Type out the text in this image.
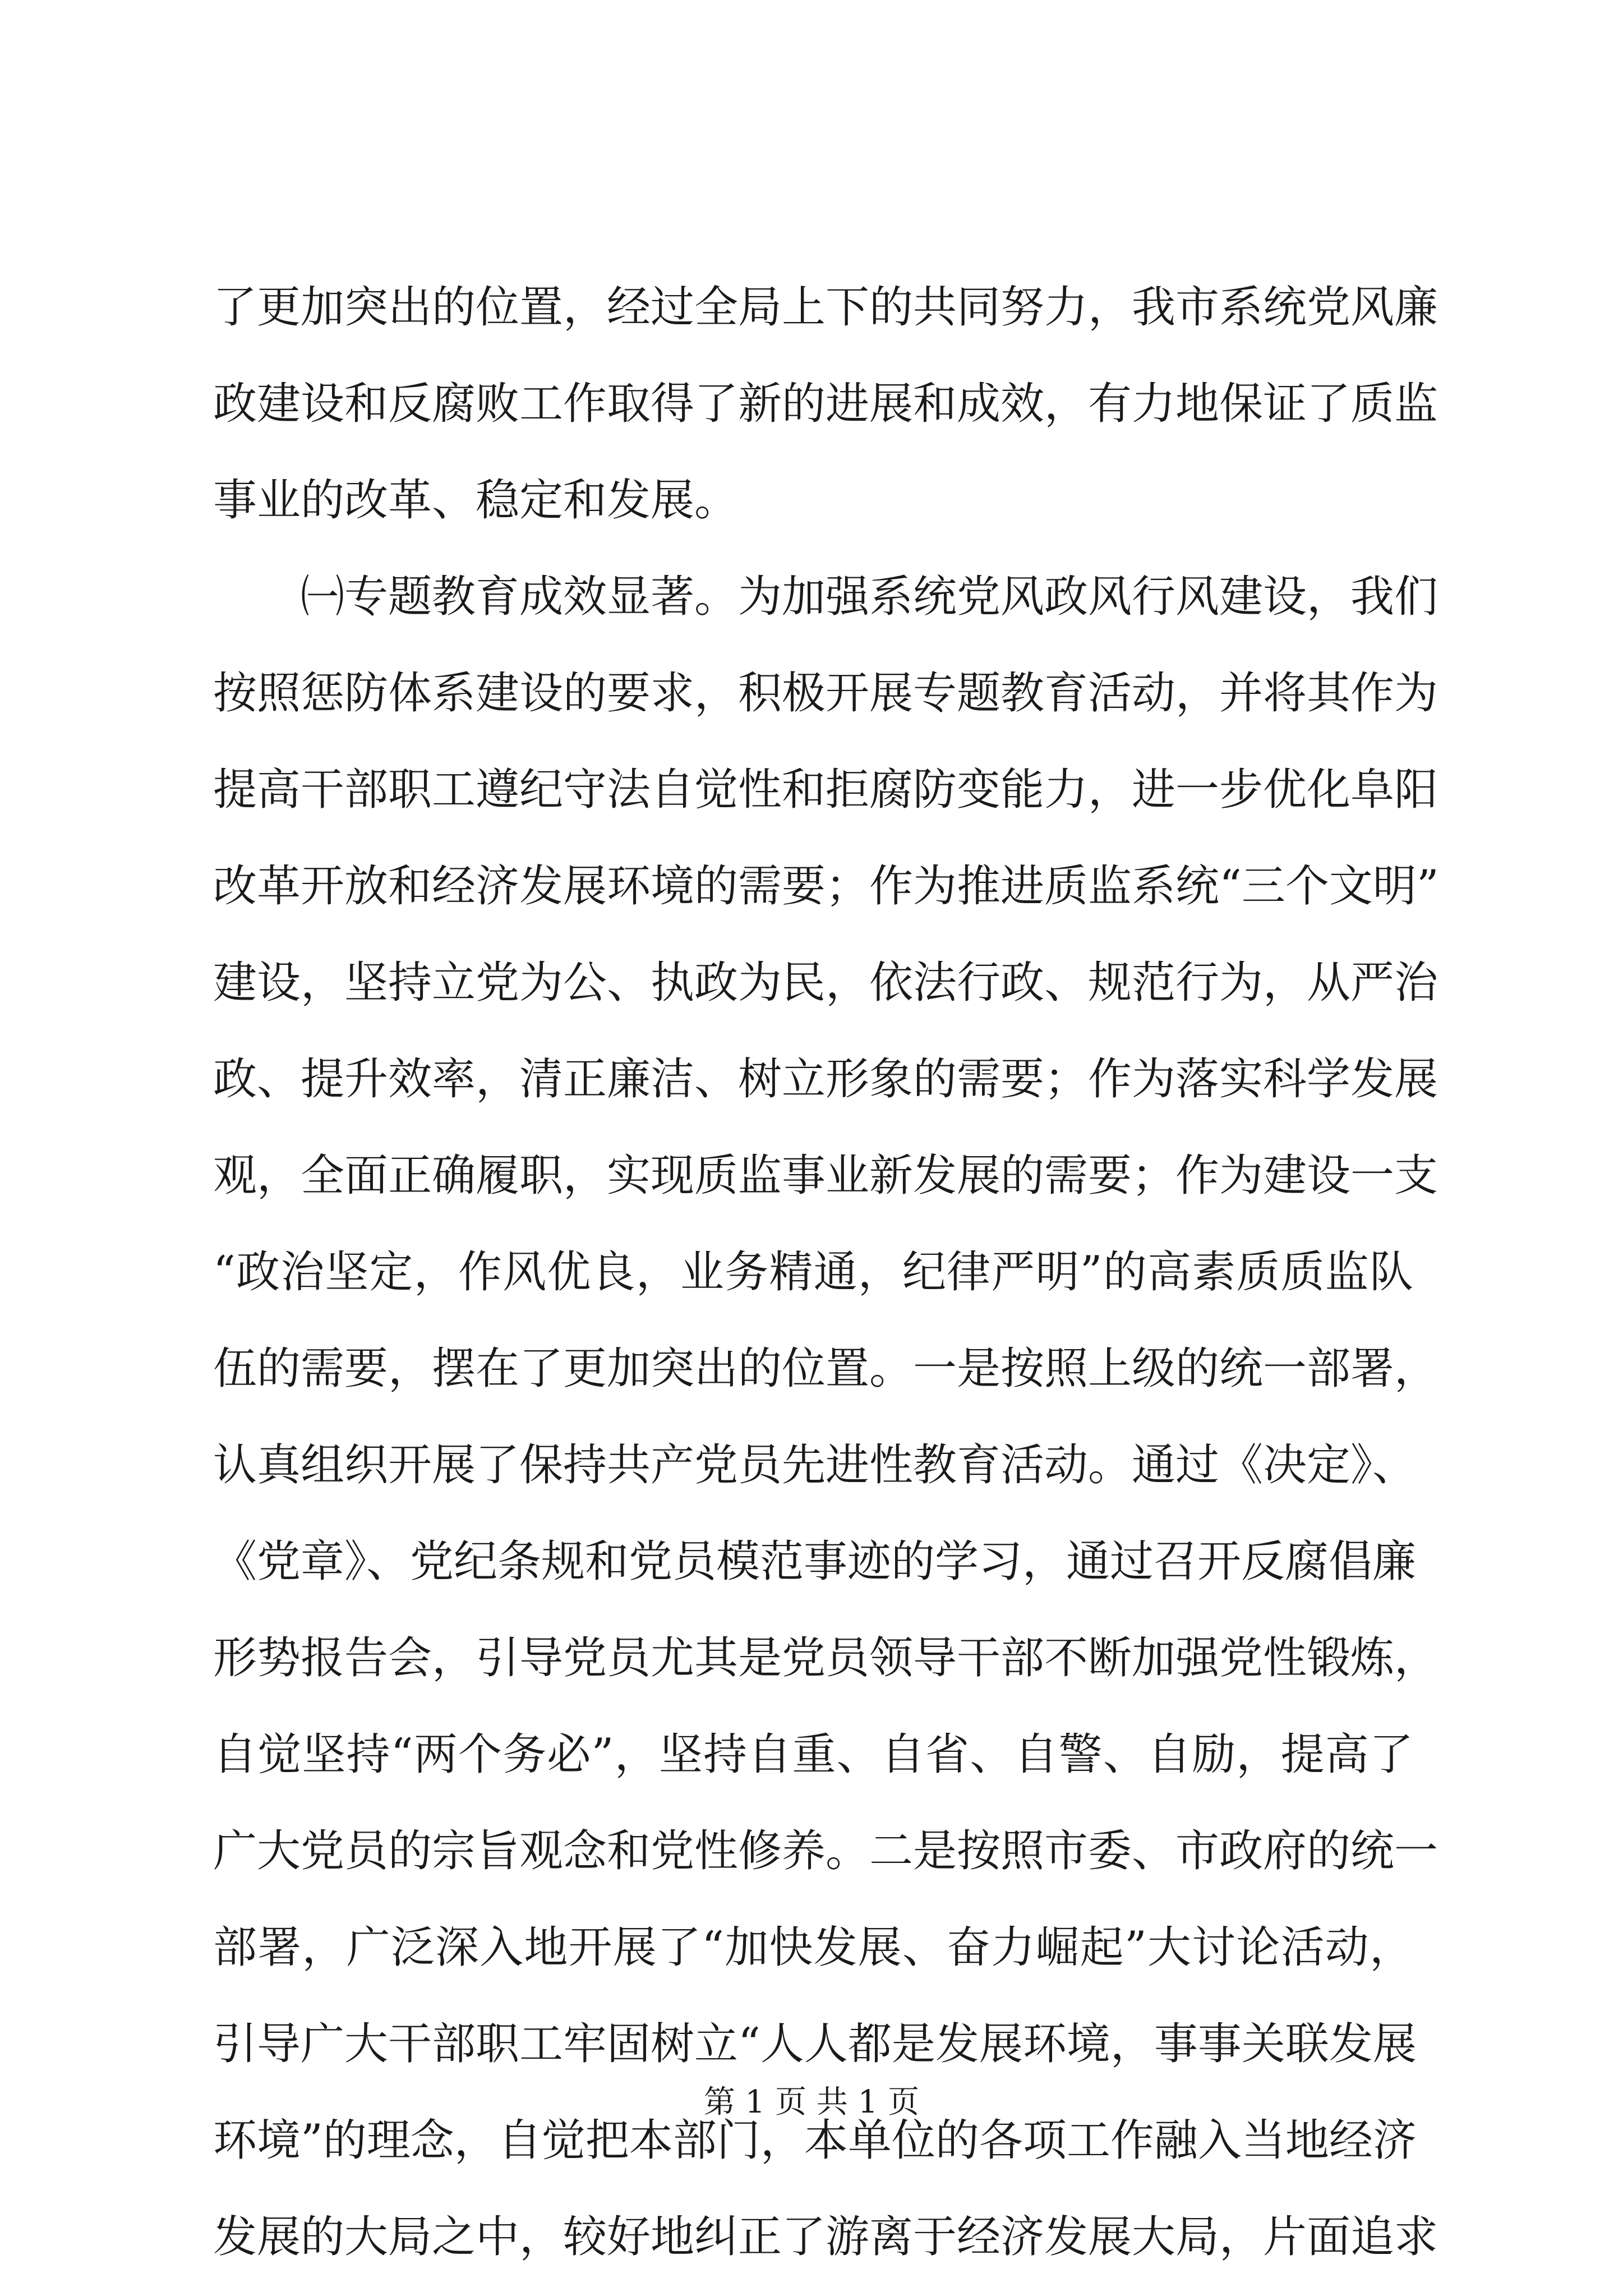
了更加突出的位置，经过全局上下的共同努力，我市系统党风廉
政建设和反腐败工作取得了新的进展和成效，有力地保证了质监
事业的改革、稳定和发展。
　　㈠专题教育成效显著。为加强系统党风政风行风建设，我们
按照惩防体系建设的要求，积极开展专题教育活动，并将其作为
提高干部职工遵纪守法自觉性和拒腐防变能力，进一步优化阜阳
改革开放和经济发展环境的需要；作为推进质监系统“三个文明”
建设，坚持立党为公、执政为民，依法行政、规范行为，从严治
政、提升效率，清正廉洁、树立形象的需要；作为落实科学发展
观，全面正确履职，实现质监事业新发展的需要；作为建设一支
“政治坚定，作风优良，业务精通，纪律严明”的高素质质监队
伍的需要，摆在了更加突出的位置。一是按照上级的统一部署，
认真组织开展了保持共产党员先进性教育活动。通过《决定》、
《党章》、党纪条规和党员模范事迹的学习，通过召开反腐倡廉
形势报告会，引导党员尤其是党员领导干部不断加强党性锻炼，
自觉坚持“两个务必”，坚持自重、自省、自警、自励，提高了
广大党员的宗旨观念和党性修养。二是按照市委、市政府的统一
部署，广泛深入地开展了“加快发展、奋力崛起”大讨论活动，
引导广大干部职工牢固树立“人人都是发展环境，事事关联发展
环境”的理念，自觉把本部门，本单位的各项工作融入当地经济
发展的大局之中，较好地纠正了游离于经济发展大局，片面追求
第 1 页 共 1 页
